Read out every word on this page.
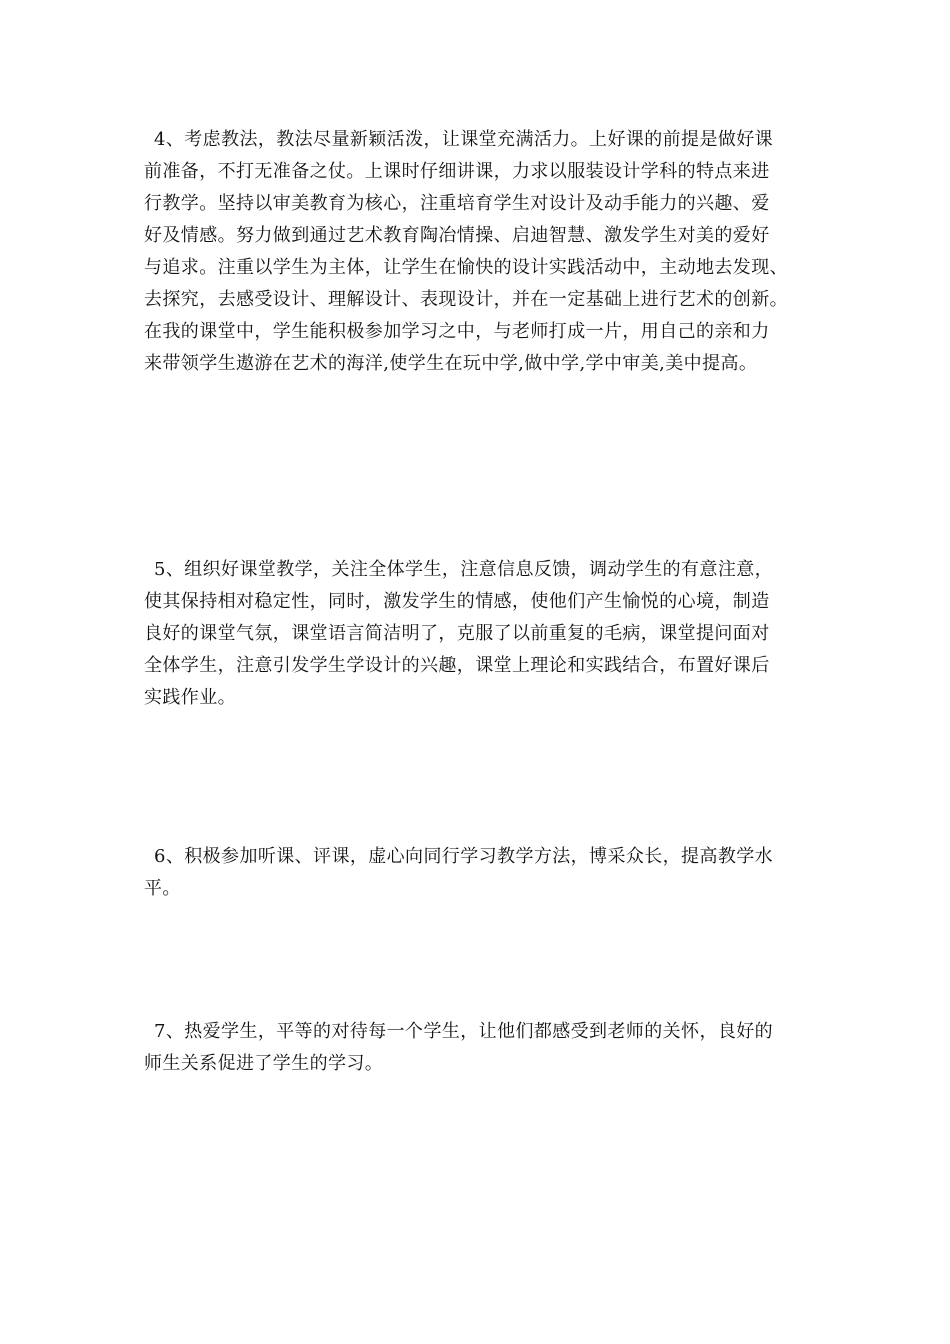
4、考虑教法，教法尽量新颖活泼，让课堂充满活力。上好课的前提是做好课
前准备，不打无准备之仗。上课时仔细讲课，力求以服装设计学科的特点来进
行教学。坚持以审美教育为核心，注重培育学生对设计及动手能力的兴趣、爱
好及情感。努力做到通过艺术教育陶冶情操、启迪智慧、激发学生对美的爱好
与追求。注重以学生为主体，让学生在愉快的设计实践活动中，主动地去发现、
去探究，去感受设计、理解设计、表现设计，并在一定基础上进行艺术的创新。
在我的课堂中，学生能积极参加学习之中，与老师打成一片，用自己的亲和力
来带领学生遨游在艺术的海洋,使学生在玩中学,做中学,学中审美,美中提高。

5、组织好课堂教学，关注全体学生，注意信息反馈，调动学生的有意注意，
使其保持相对稳定性，同时，激发学生的情感，使他们产生愉悦的心境，制造
良好的课堂气氛，课堂语言简洁明了，克服了以前重复的毛病，课堂提问面对
全体学生，注意引发学生学设计的兴趣，课堂上理论和实践结合，布置好课后
实践作业。

6、积极参加听课、评课，虚心向同行学习教学方法，博采众长，提高教学水
平。

7、热爱学生，平等的对待每一个学生，让他们都感受到老师的关怀，良好的
师生关系促进了学生的学习。
